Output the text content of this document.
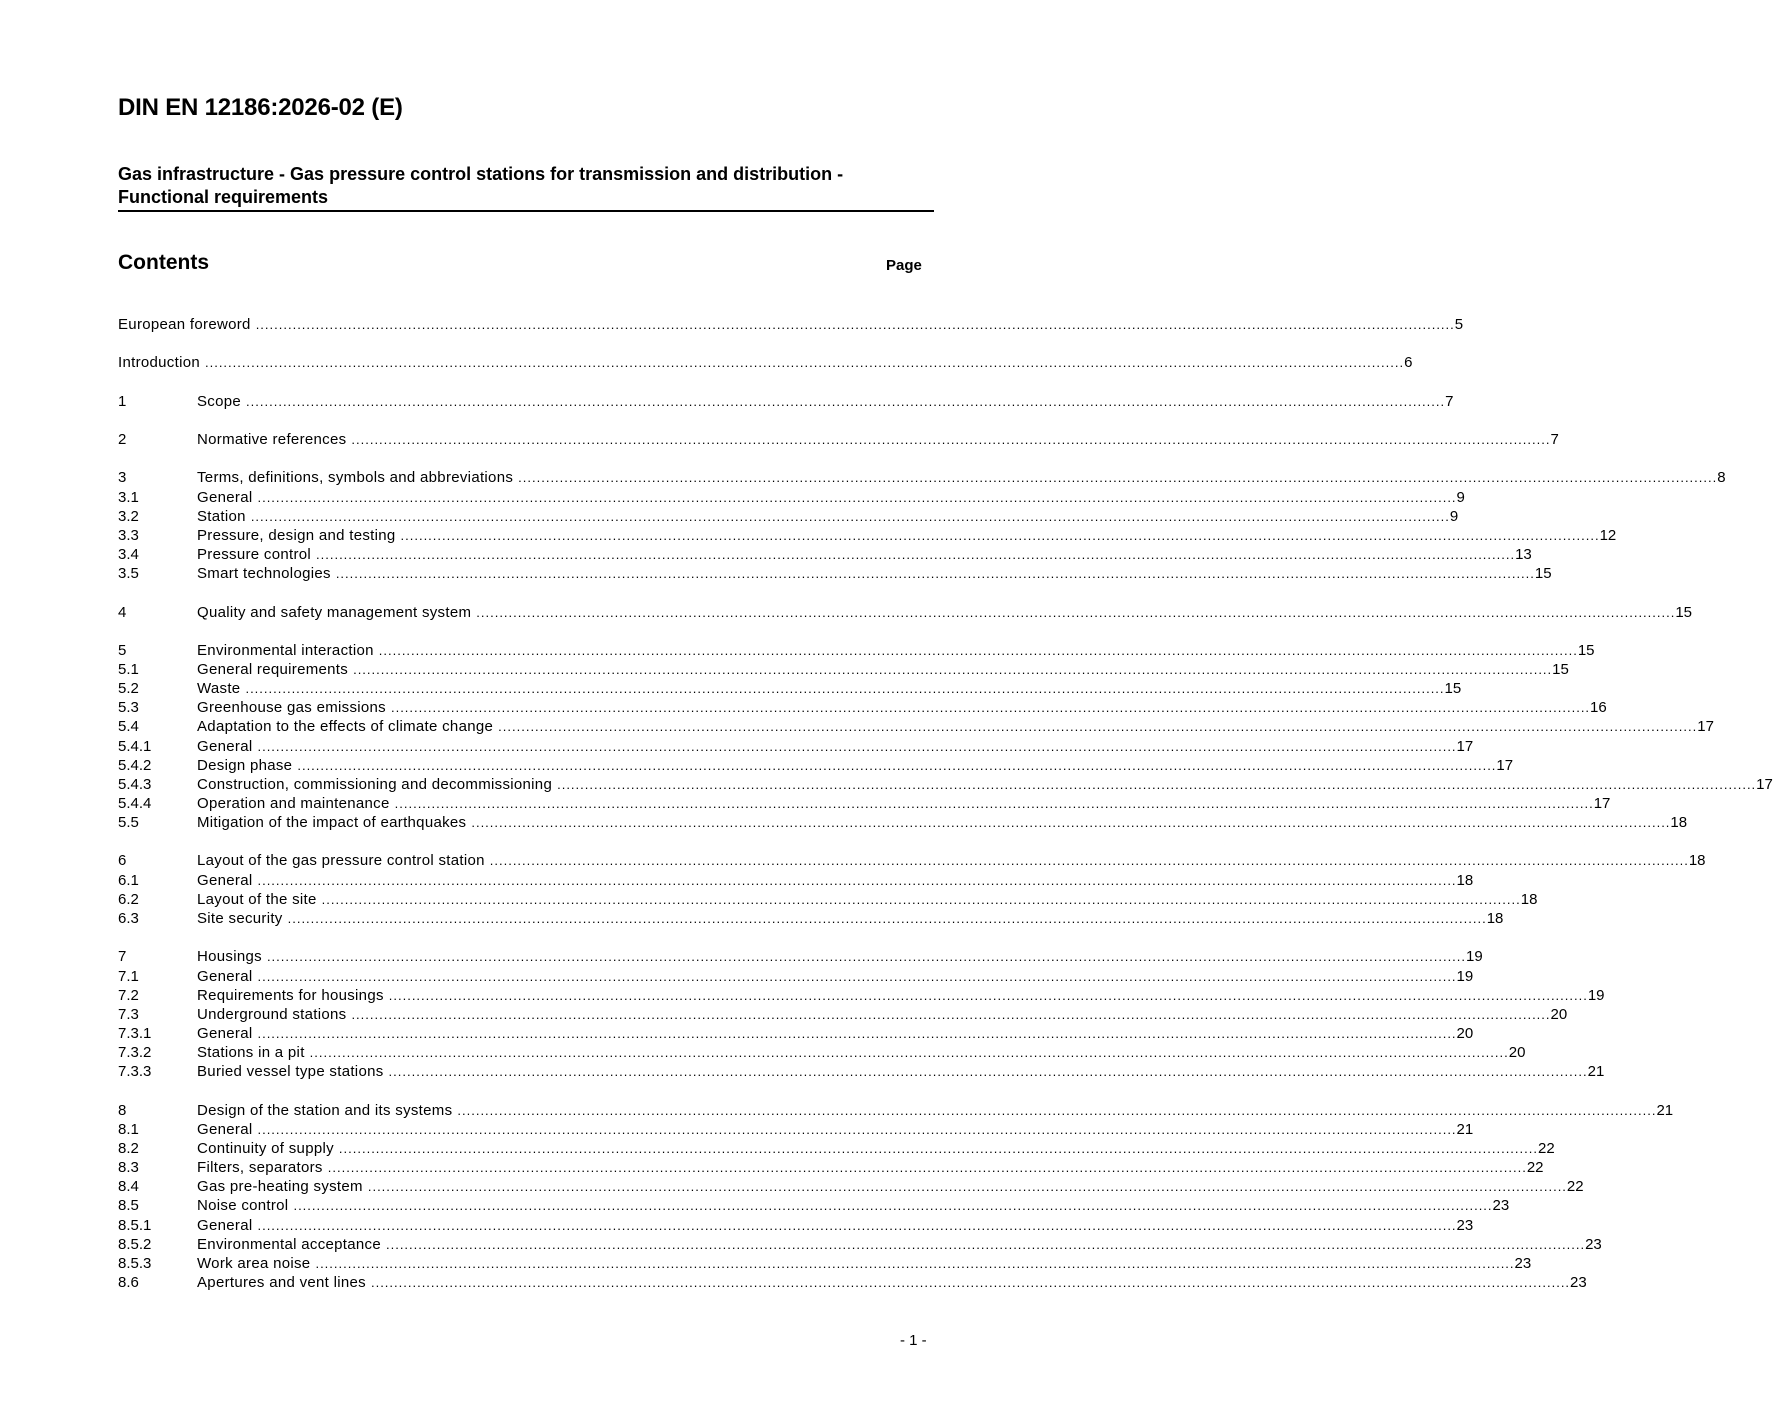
DIN EN 12186:2026-02 (E)
Gas infrastructure - Gas pressure control stations for transmission and distribution - Functional requirements
Contents	Page
European foreword .................................................................................................................................................................................................................................................................... 5
Introduction .................................................................................................................................................................................................................................................................... 6
1	Scope .................................................................................................................................................................................................................................................................... 7
2	Normative references .................................................................................................................................................................................................................................................................... 7
3	Terms, definitions, symbols and abbreviations .................................................................................................................................................................................................................................................................... 8
3.1	General .................................................................................................................................................................................................................................................................... 9
3.2	Station .................................................................................................................................................................................................................................................................... 9
3.3	Pressure, design and testing .................................................................................................................................................................................................................................................................... 12
3.4	Pressure control .................................................................................................................................................................................................................................................................... 13
3.5	Smart technologies .................................................................................................................................................................................................................................................................... 15
4	Quality and safety management system .................................................................................................................................................................................................................................................................... 15
5	Environmental interaction .................................................................................................................................................................................................................................................................... 15
5.1	General requirements .................................................................................................................................................................................................................................................................... 15
5.2	Waste .................................................................................................................................................................................................................................................................... 15
5.3	Greenhouse gas emissions .................................................................................................................................................................................................................................................................... 16
5.4	Adaptation to the effects of climate change .................................................................................................................................................................................................................................................................... 17
5.4.1	General .................................................................................................................................................................................................................................................................... 17
5.4.2	Design phase .................................................................................................................................................................................................................................................................... 17
5.4.3	Construction, commissioning and decommissioning .................................................................................................................................................................................................................................................................... 17
5.4.4	Operation and maintenance .................................................................................................................................................................................................................................................................... 17
5.5	Mitigation of the impact of earthquakes .................................................................................................................................................................................................................................................................... 18
6	Layout of the gas pressure control station .................................................................................................................................................................................................................................................................... 18
6.1	General .................................................................................................................................................................................................................................................................... 18
6.2	Layout of the site .................................................................................................................................................................................................................................................................... 18
6.3	Site security .................................................................................................................................................................................................................................................................... 18
7	Housings .................................................................................................................................................................................................................................................................... 19
7.1	General .................................................................................................................................................................................................................................................................... 19
7.2	Requirements for housings .................................................................................................................................................................................................................................................................... 19
7.3	Underground stations .................................................................................................................................................................................................................................................................... 20
7.3.1	General .................................................................................................................................................................................................................................................................... 20
7.3.2	Stations in a pit .................................................................................................................................................................................................................................................................... 20
7.3.3	Buried vessel type stations .................................................................................................................................................................................................................................................................... 21
8	Design of the station and its systems .................................................................................................................................................................................................................................................................... 21
8.1	General .................................................................................................................................................................................................................................................................... 21
8.2	Continuity of supply .................................................................................................................................................................................................................................................................... 22
8.3	Filters, separators .................................................................................................................................................................................................................................................................... 22
8.4	Gas pre-heating system .................................................................................................................................................................................................................................................................... 22
8.5	Noise control .................................................................................................................................................................................................................................................................... 23
8.5.1	General .................................................................................................................................................................................................................................................................... 23
8.5.2	Environmental acceptance .................................................................................................................................................................................................................................................................... 23
8.5.3	Work area noise .................................................................................................................................................................................................................................................................... 23
8.6	Apertures and vent lines .................................................................................................................................................................................................................................................................... 23
- 1 -
